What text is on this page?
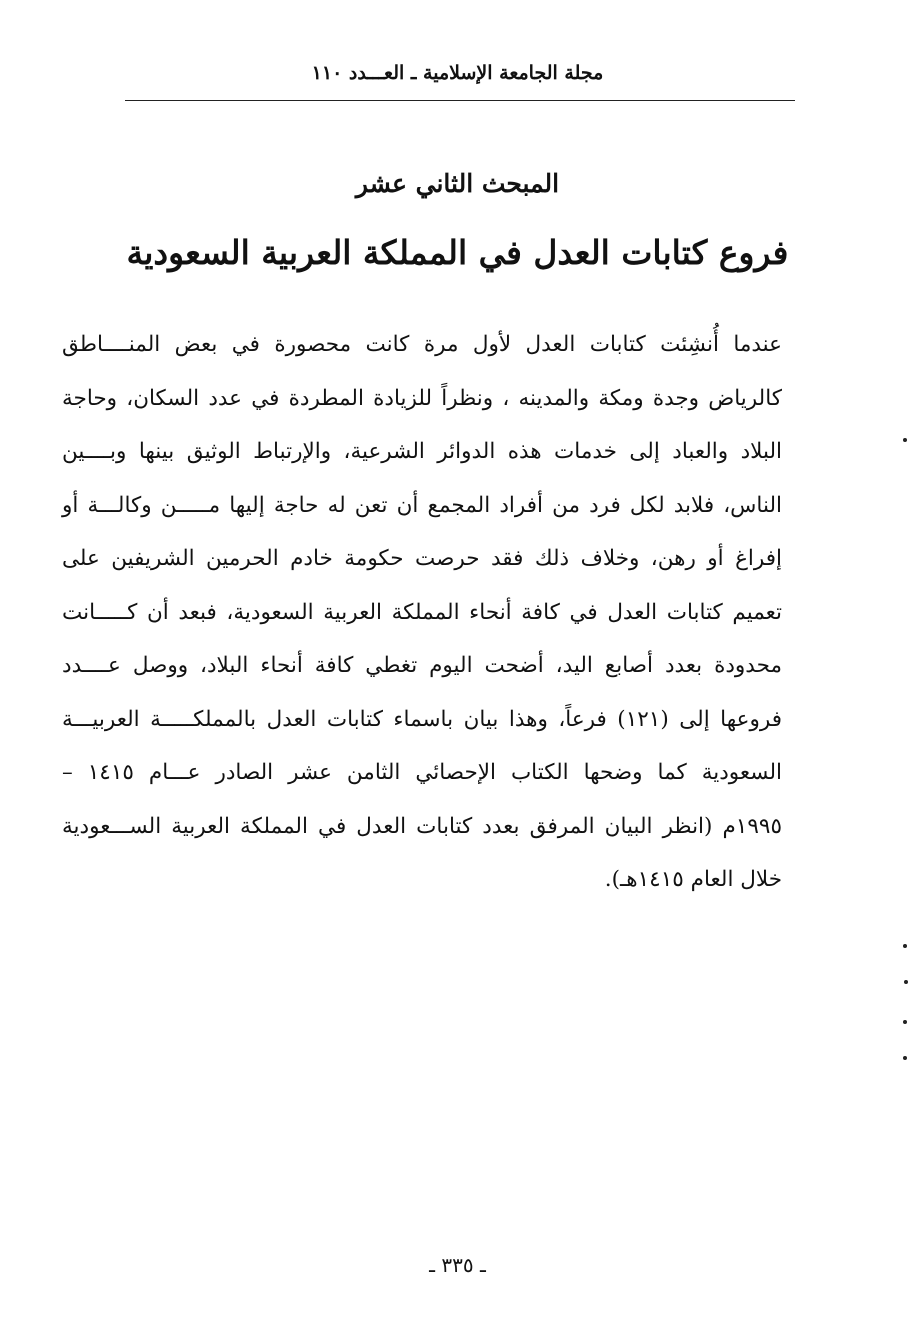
مجلة الجامعة الإسلامية ـ العـــدد ١١٠
المبحث الثاني عشر
فروع كتابات العدل في المملكة العربية السعودية
عندما أُنشِئت كتابات العدل لأول مرة كانت محصورة في بعض المنــــاطق
كالرياض وجدة ومكة والمدينه ، ونظراً للزيادة المطردة في عدد السكان، وحاجة
البلاد والعباد إلى خدمات هذه الدوائر الشرعية، والإرتباط الوثيق بينها وبــــين
الناس، فلابد لكل فرد من أفراد المجمع أن تعن له حاجة إليها مـــــن وكالـــة أو
إفراغ أو رهن، وخلاف ذلك فقد حرصت حكومة خادم الحرمين الشريفين على
تعميم كتابات العدل في كافة أنحاء المملكة العربية السعودية، فبعد أن كـــــانت
محدودة بعدد أصابع اليد، أضحت اليوم تغطي كافة أنحاء البلاد، ووصل عــــدد
فروعها إلى (١٢١) فرعاً، وهذا بيان باسماء كتابات العدل بالمملكـــــة العربيـــة
السعودية كما وضحها الكتاب الإحصائي الثامن عشر الصادر عـــام ١٤١٥ –
١٩٩٥م (انظر البيان المرفق بعدد كتابات العدل في المملكة العربية الســـعودية
خلال العام ١٤١٥هـ).
ـ ٣٣٥ ـ
